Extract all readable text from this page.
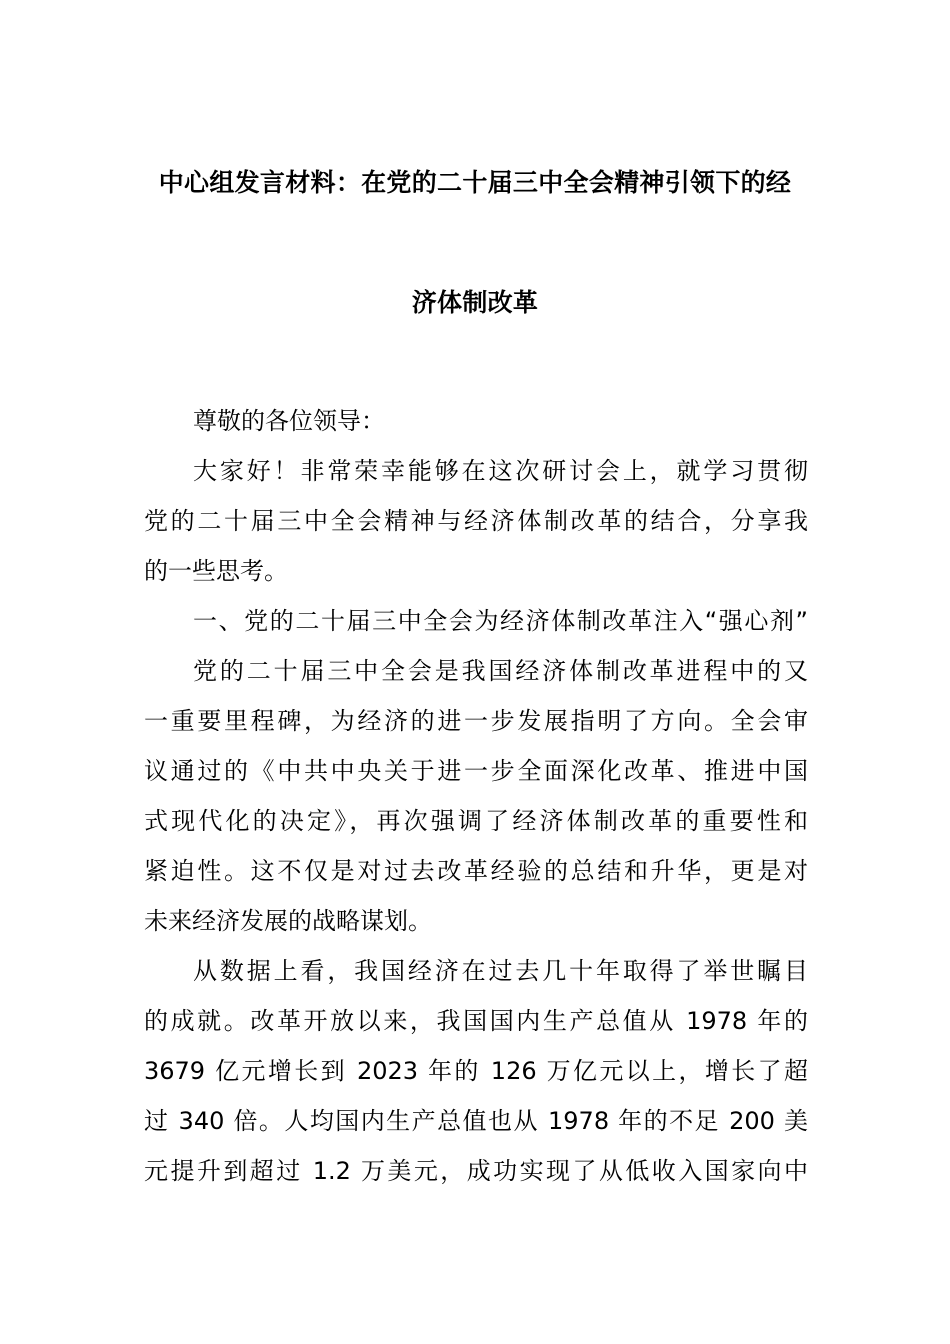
中心组发言材料：在党的二十届三中全会精神引领下的经
济体制改革
尊敬的各位领导：
大家好！非常荣幸能够在这次研讨会上，就学习贯彻
党的二十届三中全会精神与经济体制改革的结合，分享我
的一些思考。
一、党的二十届三中全会为经济体制改革注入“强心剂”
党的二十届三中全会是我国经济体制改革进程中的又
一重要里程碑，为经济的进一步发展指明了方向。全会审
议通过的《中共中央关于进一步全面深化改革、推进中国
式现代化的决定》，再次强调了经济体制改革的重要性和
紧迫性。这不仅是对过去改革经验的总结和升华，更是对
未来经济发展的战略谋划。
从数据上看，我国经济在过去几十年取得了举世瞩目
的成就。改革开放以来，我国国内生产总值从 1978 年的
3679 亿元增长到 2023 年的 126 万亿元以上，增长了超
过 340 倍。人均国内生产总值也从 1978 年的不足 200 美
元提升到超过 1.2 万美元，成功实现了从低收入国家向中
